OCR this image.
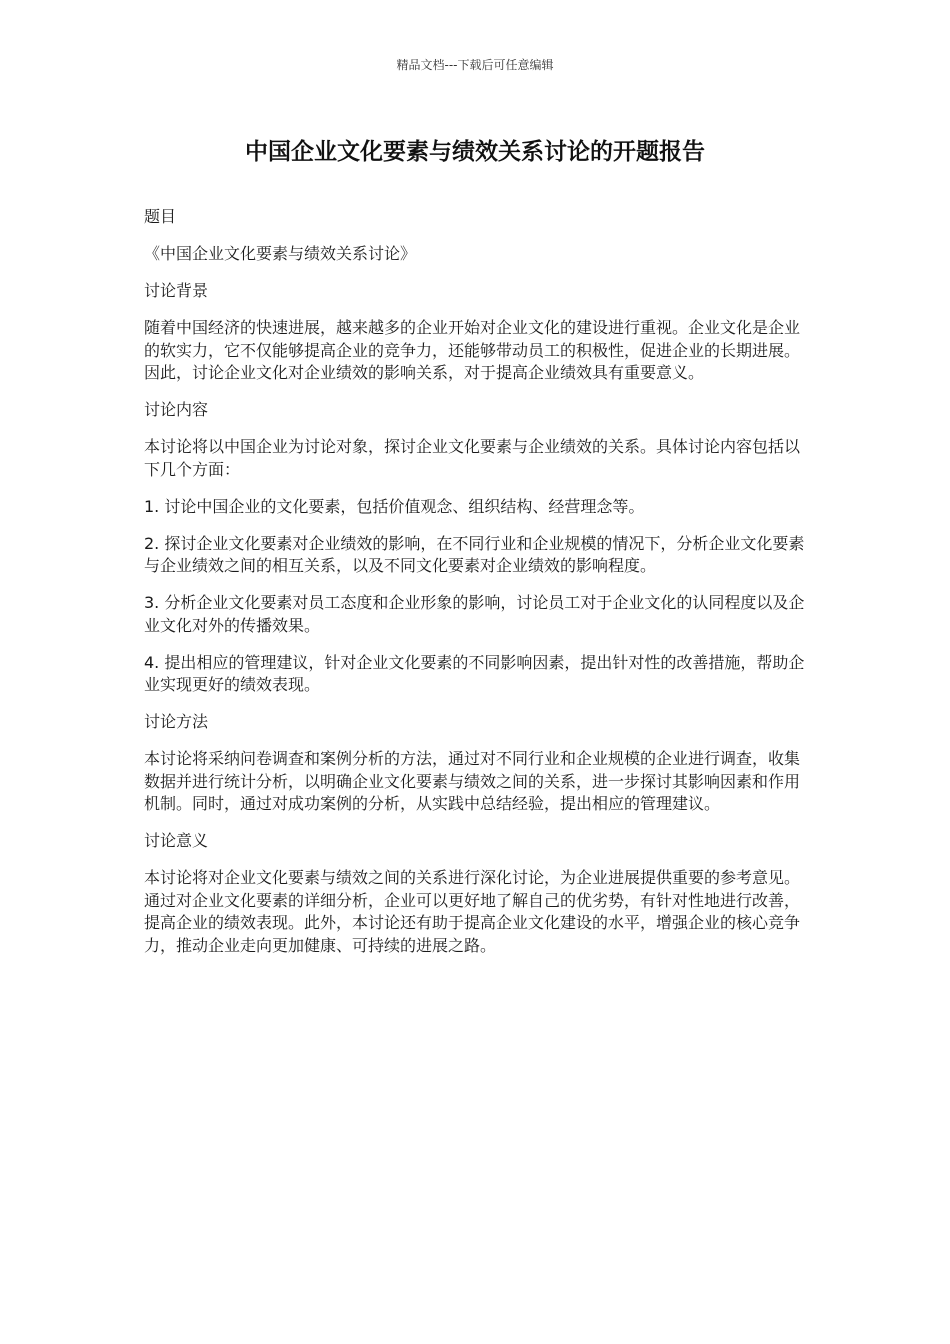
精品文档---下载后可任意编辑
中国企业文化要素与绩效关系讨论的开题报告

题目

《中国企业文化要素与绩效关系讨论》

讨论背景

随着中国经济的快速进展，越来越多的企业开始对企业文化的建设进行重视。企业文化是企业的软实力，它不仅能够提高企业的竞争力，还能够带动员工的积极性，促进企业的长期进展。因此，讨论企业文化对企业绩效的影响关系，对于提高企业绩效具有重要意义。

讨论内容

本讨论将以中国企业为讨论对象，探讨企业文化要素与企业绩效的关系。具体讨论内容包括以下几个方面：

1. 讨论中国企业的文化要素，包括价值观念、组织结构、经营理念等。

2. 探讨企业文化要素对企业绩效的影响，在不同行业和企业规模的情况下，分析企业文化要素与企业绩效之间的相互关系，以及不同文化要素对企业绩效的影响程度。

3. 分析企业文化要素对员工态度和企业形象的影响，讨论员工对于企业文化的认同程度以及企业文化对外的传播效果。

4. 提出相应的管理建议，针对企业文化要素的不同影响因素，提出针对性的改善措施，帮助企业实现更好的绩效表现。

讨论方法

本讨论将采纳问卷调查和案例分析的方法，通过对不同行业和企业规模的企业进行调查，收集数据并进行统计分析，以明确企业文化要素与绩效之间的关系，进一步探讨其影响因素和作用机制。同时，通过对成功案例的分析，从实践中总结经验，提出相应的管理建议。

讨论意义

本讨论将对企业文化要素与绩效之间的关系进行深化讨论，为企业进展提供重要的参考意见。通过对企业文化要素的详细分析，企业可以更好地了解自己的优劣势，有针对性地进行改善，提高企业的绩效表现。此外，本讨论还有助于提高企业文化建设的水平，增强企业的核心竞争力，推动企业走向更加健康、可持续的进展之路。
